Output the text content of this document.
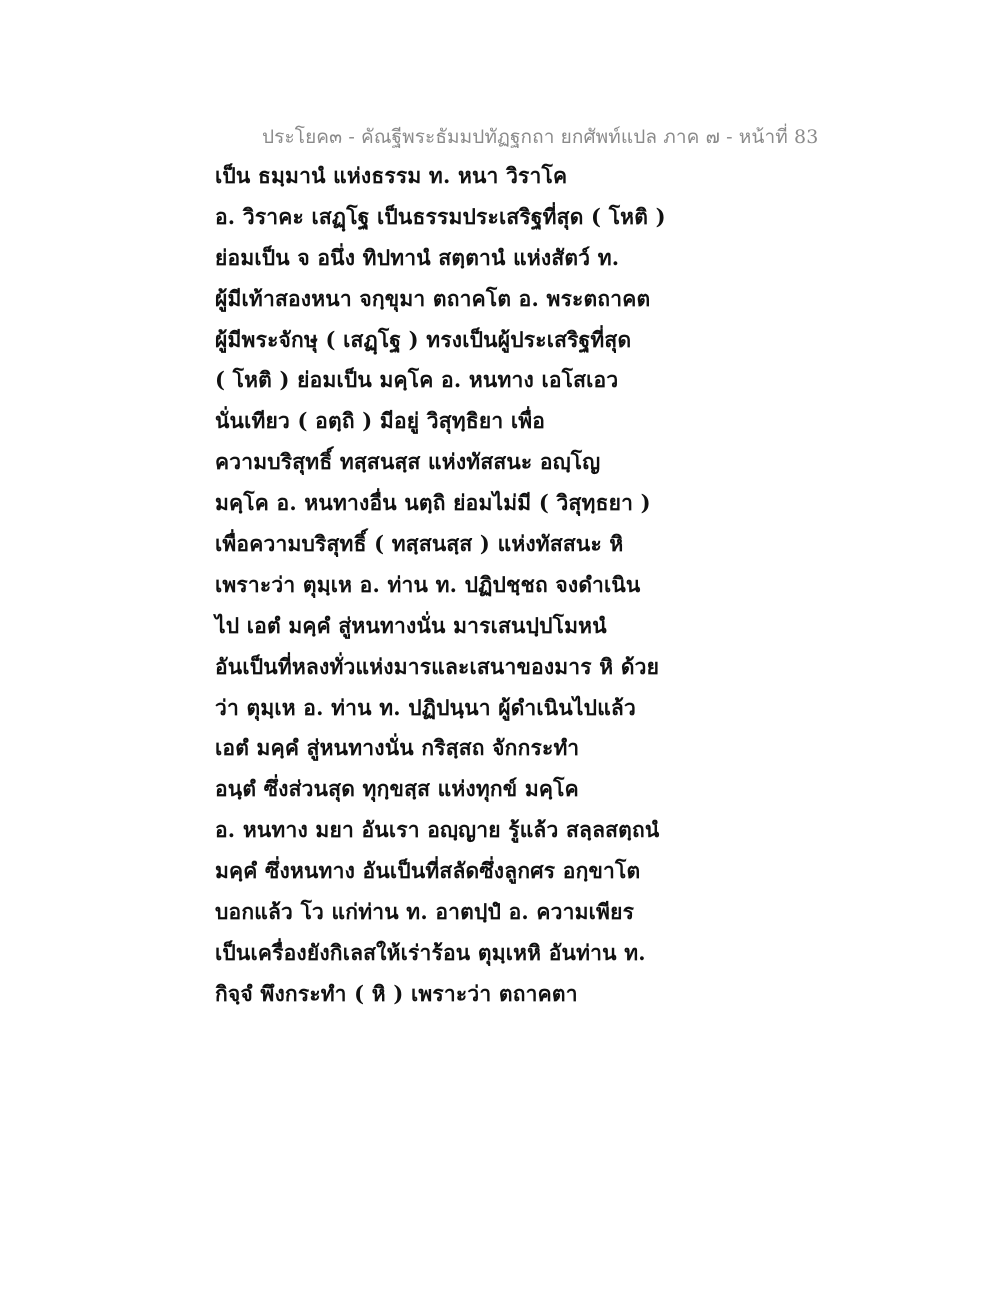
ประโยค๓ - คัณฐีพระธัมมปทัฏฐกถา ยกศัพท์แปล ภาค ๗ - หน้าที่ 83
เป็น ธมฺมานํ แห่งธรรม ท. หนา วิราโค
อ. วิราคะ เสฏฺโฐ เป็นธรรมประเสริฐที่สุด ( โหติ )
ย่อมเป็น จ อนึ่ง ทิปทานํ สตฺตานํ แห่งสัตว์ ท.
ผู้มีเท้าสองหนา จกฺขุมา ตถาคโต อ. พระตถาคต
ผู้มีพระจักษุ ( เสฏฺโฐ ) ทรงเป็นผู้ประเสริฐที่สุด
( โหติ ) ย่อมเป็น มคฺโค อ. หนทาง เอโสเอว
นั่นเทียว ( อตฺถิ ) มีอยู่ วิสุทฺธิยา เพื่อ
ความบริสุทธิ์ ทสฺสนสฺส แห่งทัสสนะ อญฺโญ
มคฺโค อ. หนทางอื่น นตฺถิ ย่อมไม่มี ( วิสุทฺธยา )
เพื่อความบริสุทธิ์ ( ทสฺสนสฺส ) แห่งทัสสนะ หิ
เพราะว่า ตุมฺเห อ. ท่าน ท. ปฏิปชฺชถ จงดำเนิน
ไป เอตํ มคฺคํ สู่หนทางนั่น มารเสนปฺปโมหนํ
อันเป็นที่หลงทั่วแห่งมารและเสนาของมาร หิ ด้วย
ว่า ตุมฺเห อ. ท่าน ท. ปฏิปนฺนา ผู้ดำเนินไปแล้ว
เอตํ มคฺคํ สู่หนทางนั่น กริสฺสถ จักกระทำ
อนฺตํ ซึ่งส่วนสุด ทุกฺขสฺส แห่งทุกข์ มคฺโค
อ. หนทาง มยา อันเรา อญฺญาย รู้แล้ว สลฺลสตฺถนํ
มคฺคํ ซึ่งหนทาง อันเป็นที่สลัดซึ่งลูกศร อกฺขาโต
บอกแล้ว โว แก่ท่าน ท. อาตปฺปํ อ. ความเพียร
เป็นเครื่องยังกิเลสให้เร่าร้อน ตุมฺเหหิ อันท่าน ท.
กิจฺจํ พึงกระทำ ( หิ ) เพราะว่า ตถาคตา
